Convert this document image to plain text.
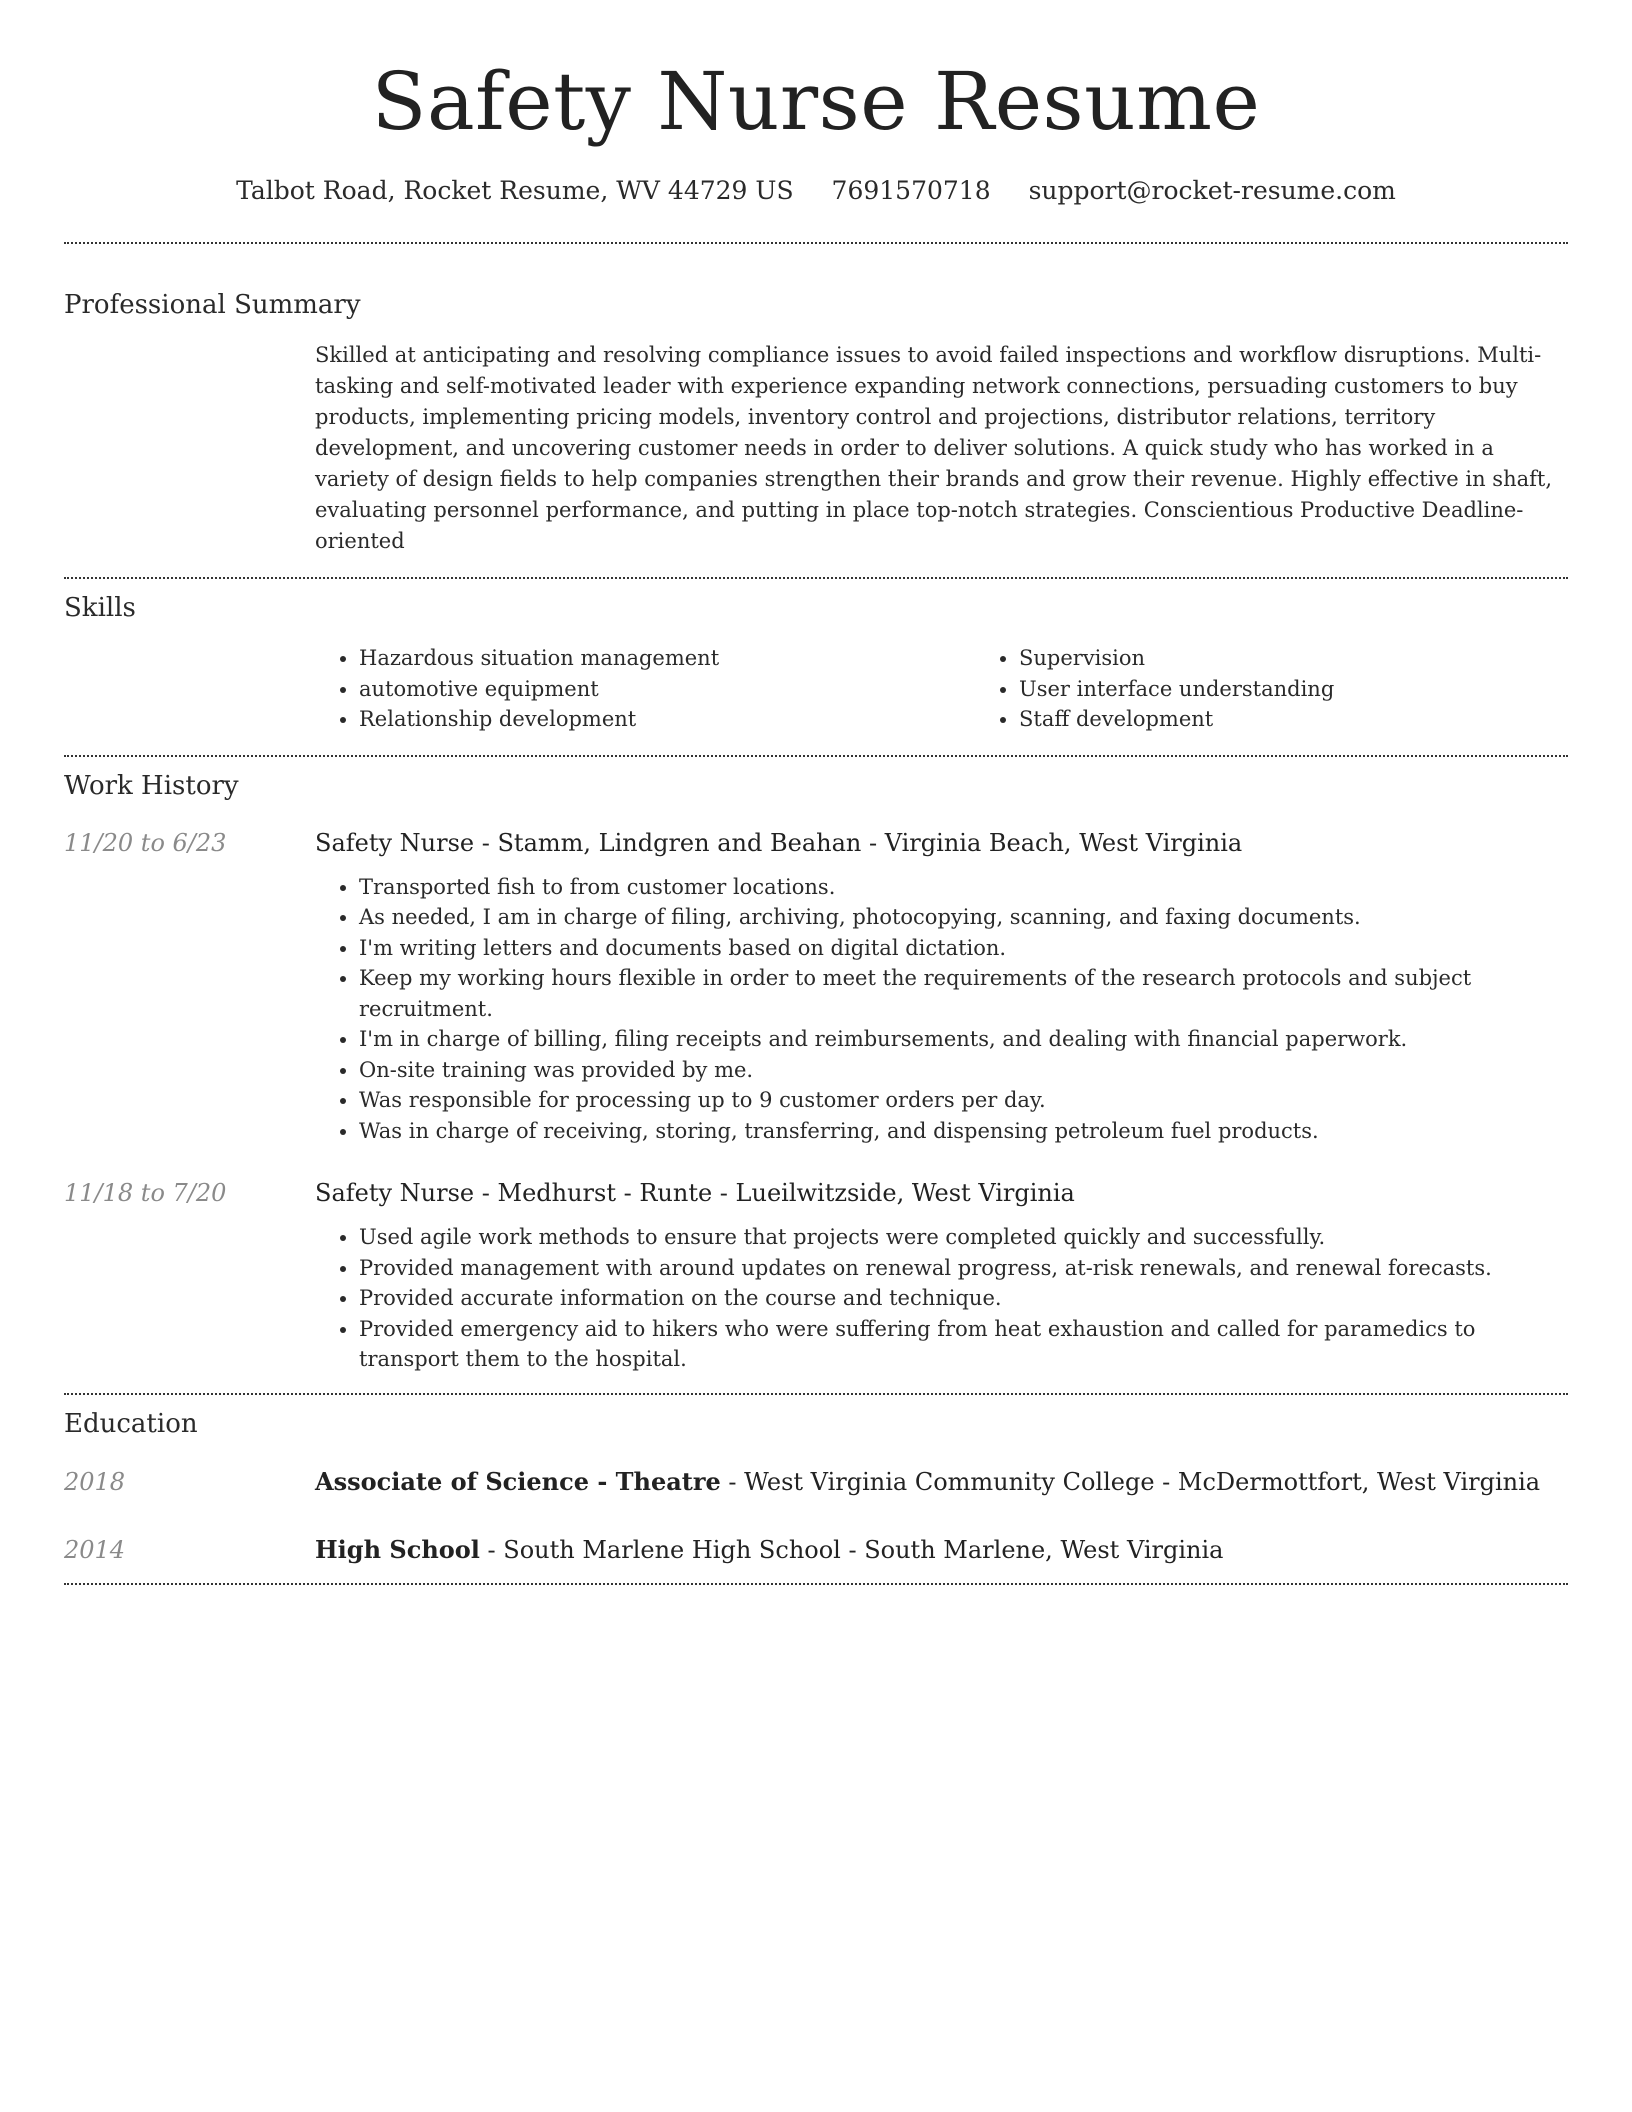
Safety Nurse Resume
Talbot Road, Rocket Resume, WV 44729 US 7691570718 support@rocket-resume.com
Professional Summary

Skilled at anticipating and resolving compliance issues to avoid failed inspections and workflow disruptions. Multi-tasking and self-motivated leader with experience expanding network connections, persuading customers to buy products, implementing pricing models, inventory control and projections, distributor relations, territory development, and uncovering customer needs in order to deliver solutions. A quick study who has worked in a variety of design fields to help companies strengthen their brands and grow their revenue. Highly effective in shaft, evaluating personnel performance, and putting in place top-notch strategies. Conscientious Productive Deadline-oriented

Skills
• Hazardous situation management
• automotive equipment
• Relationship development
• Supervision
• User interface understanding
• Staff development
Work History
11/20 to 6/23	Safety Nurse - Stamm, Lindgren and Beahan - Virginia Beach, West Virginia
• Transported fish to from customer locations.
• As needed, I am in charge of filing, archiving, photocopying, scanning, and faxing documents.
• I'm writing letters and documents based on digital dictation.
• Keep my working hours flexible in order to meet the requirements of the research protocols and subject recruitment.
• I'm in charge of billing, filing receipts and reimbursements, and dealing with financial paperwork.
• On-site training was provided by me.
• Was responsible for processing up to 9 customer orders per day.
• Was in charge of receiving, storing, transferring, and dispensing petroleum fuel products.
11/18 to 7/20	Safety Nurse - Medhurst - Runte - Lueilwitzside, West Virginia
• Used agile work methods to ensure that projects were completed quickly and successfully.
• Provided management with around updates on renewal progress, at-risk renewals, and renewal forecasts.
• Provided accurate information on the course and technique.
• Provided emergency aid to hikers who were suffering from heat exhaustion and called for paramedics to transport them to the hospital.
Education
2018	Associate of Science - Theatre - West Virginia Community College - McDermottfort, West Virginia
2014	High School - South Marlene High School - South Marlene, West Virginia
